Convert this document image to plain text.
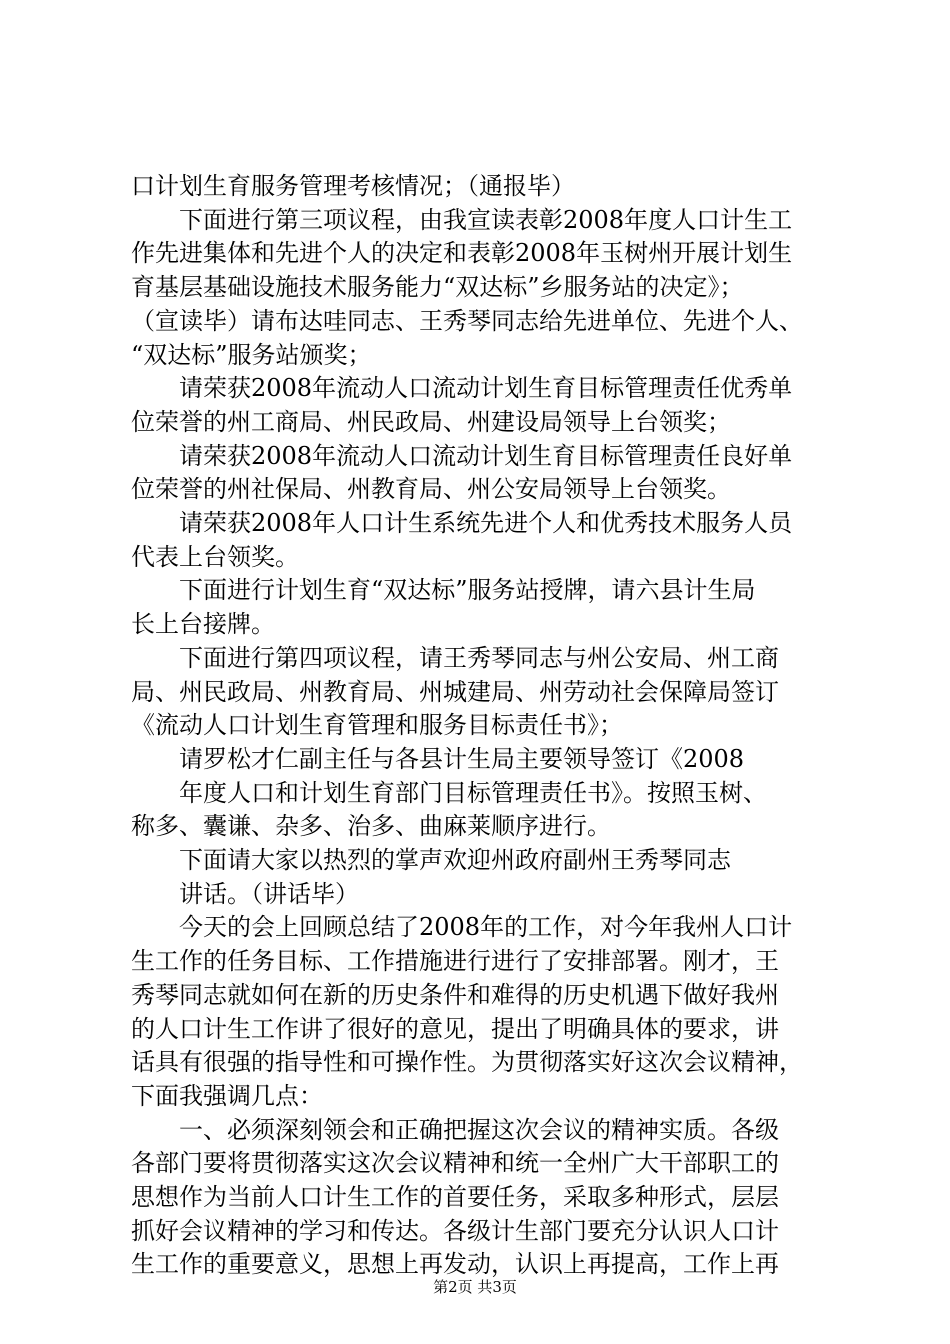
口计划生育服务管理考核情况；（通报毕）
　　下面进行第三项议程，由我宣读表彰2008年度人口计生工
作先进集体和先进个人的决定和表彰2008年玉树州开展计划生
育基层基础设施技术服务能力“双达标”乡服务站的决定》；
（宣读毕）请布达哇同志、王秀琴同志给先进单位、先进个人、
“双达标”服务站颁奖；
　　请荣获2008年流动人口流动计划生育目标管理责任优秀单
位荣誉的州工商局、州民政局、州建设局领导上台领奖；
　　请荣获2008年流动人口流动计划生育目标管理责任良好单
位荣誉的州社保局、州教育局、州公安局领导上台领奖。
　　请荣获2008年人口计生系统先进个人和优秀技术服务人员
代表上台领奖。
　　下面进行计划生育“双达标”服务站授牌，请六县计生局
长上台接牌。
　　下面进行第四项议程，请王秀琴同志与州公安局、州工商
局、州民政局、州教育局、州城建局、州劳动社会保障局签订
《流动人口计划生育管理和服务目标责任书》；
　　请罗松才仁副主任与各县计生局主要领导签订《2008
　　年度人口和计划生育部门目标管理责任书》。按照玉树、
称多、囊谦、杂多、治多、曲麻莱顺序进行。
　　下面请大家以热烈的掌声欢迎州政府副州王秀琴同志
　　讲话。（讲话毕）
　　今天的会上回顾总结了2008年的工作，对今年我州人口计
生工作的任务目标、工作措施进行进行了安排部署。刚才，王
秀琴同志就如何在新的历史条件和难得的历史机遇下做好我州
的人口计生工作讲了很好的意见，提出了明确具体的要求，讲
话具有很强的指导性和可操作性。为贯彻落实好这次会议精神，
下面我强调几点：
　　一、必须深刻领会和正确把握这次会议的精神实质。各级
各部门要将贯彻落实这次会议精神和统一全州广大干部职工的
思想作为当前人口计生工作的首要任务，采取多种形式，层层
抓好会议精神的学习和传达。各级计生部门要充分认识人口计
生工作的重要意义，思想上再发动，认识上再提高，工作上再
第2页 共3页
